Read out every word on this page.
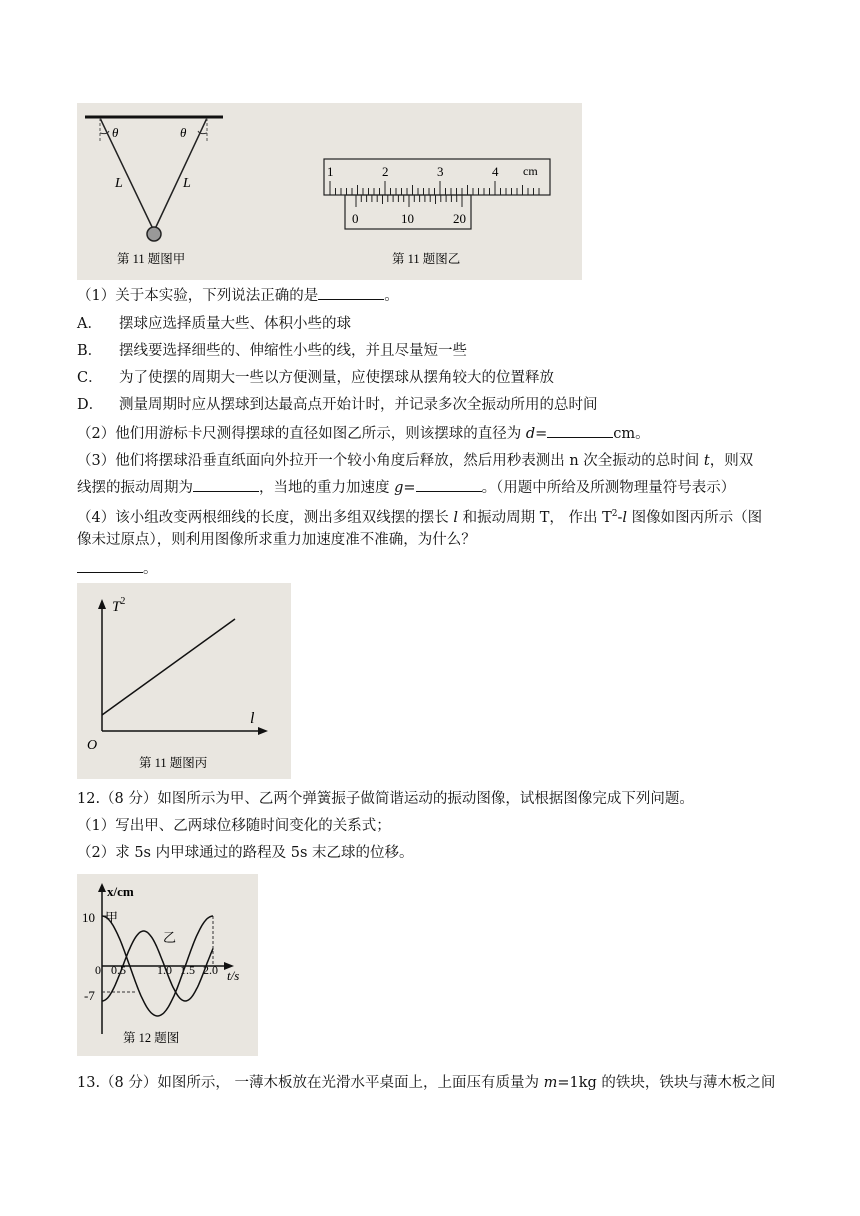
θ	θ
L	L
第 11 题图甲
1	2	3	4 cm
0	10	20
第 11 题图乙
（1）关于本实验，下列说法正确的是	。
A． 摆球应选择质量大些、体积小些的球
B． 摆线要选择细些的、伸缩性小些的线，并且尽量短一些
C． 为了使摆的周期大一些以方便测量，应使摆球从摆角较大的位置释放
D． 测量周期时应从摆球到达最高点开始计时，并记录多次全振动所用的总时间
（2）他们用游标卡尺测得摆球的直径如图乙所示，则该摆球的直径为 d=	cm。
（3）他们将摆球沿垂直纸面向外拉开一个较小角度后释放，然后用秒表测出 n 次全振动的总时间 t，则双
线摆的振动周期为	，当地的重力加速度 g=	。（用题中所给及所测物理量符号表示）
（4）该小组改变两根细线的长度，测出多组双线摆的摆长 l 和振动周期 T， 作出 $T^2-l$ 图像如图丙所示（图
像未过原点），则利用图像所求重力加速度准不准确，为什么？
。
$T^2$
l
O
第 11 题图丙
12.（8 分）如图所示为甲、乙两个弹簧振子做简谐运动的振动图像，试根据图像完成下列问题。
（1）写出甲、乙两球位移随时间变化的关系式；
（2）求 5s 内甲球通过的路程及 5s 末乙球的位移。
x/cm
t/s
10
-7
甲
乙
0 0.5	1.0 1.5 2.0
第 12 题图
13.（8 分）如图所示， 一薄木板放在光滑水平桌面上，上面压有质量为 m=1kg 的铁块，铁块与薄木板之间
